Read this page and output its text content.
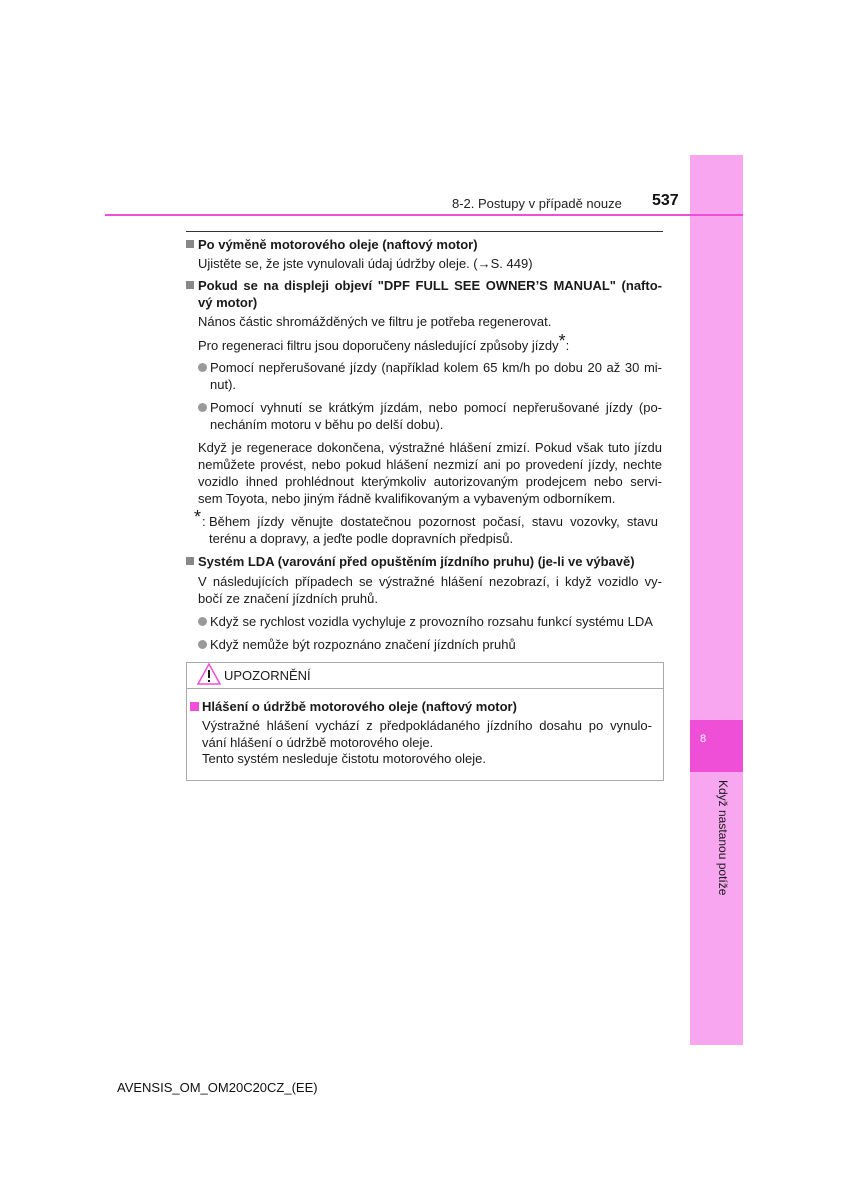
8
Když nastanou potíže
8-2. Postupy v případě nouze 537
Po výměně motorového oleje (naftový motor)
Ujistěte se, že jste vynulovali údaj údržby oleje. (→S. 449)
Pokud se na displeji objeví "DPF FULL SEE OWNER’S MANUAL" (nafto-
vý motor)
Nános částic shromážděných ve filtru je potřeba regenerovat.
Pro regeneraci filtru jsou doporučeny následující způsoby jízdy*:
Pomocí nepřerušované jízdy (například kolem 65 km/h po dobu 20 až 30 mi-
nut).
Pomocí vyhnutí se krátkým jízdám, nebo pomocí nepřerušované jízdy (po-
necháním motoru v běhu po delší dobu).
Když je regenerace dokončena, výstražné hlášení zmizí. Pokud však tuto jízdu
nemůžete provést, nebo pokud hlášení nezmizí ani po provedení jízdy, nechte
vozidlo ihned prohlédnout kterýmkoliv autorizovaným prodejcem nebo servi-
sem Toyota, nebo jiným řádně kvalifikovaným a vybaveným odborníkem.
* : Během jízdy věnujte dostatečnou pozornost počasí, stavu vozovky, stavu
terénu a dopravy, a jeďte podle dopravních předpisů.
Systém LDA (varování před opuštěním jízdního pruhu) (je-li ve výbavě)
V následujících případech se výstražné hlášení nezobrazí, i když vozidlo vy-
bočí ze značení jízdních pruhů.
Když se rychlost vozidla vychyluje z provozního rozsahu funkcí systému LDA
Když nemůže být rozpoznáno značení jízdních pruhů
UPOZORNĚNÍ
Hlášení o údržbě motorového oleje (naftový motor)
Výstražné hlášení vychází z předpokládaného jízdního dosahu po vynulo-
vání hlášení o údržbě motorového oleje.
Tento systém nesleduje čistotu motorového oleje.
AVENSIS_OM_OM20C20CZ_(EE)
